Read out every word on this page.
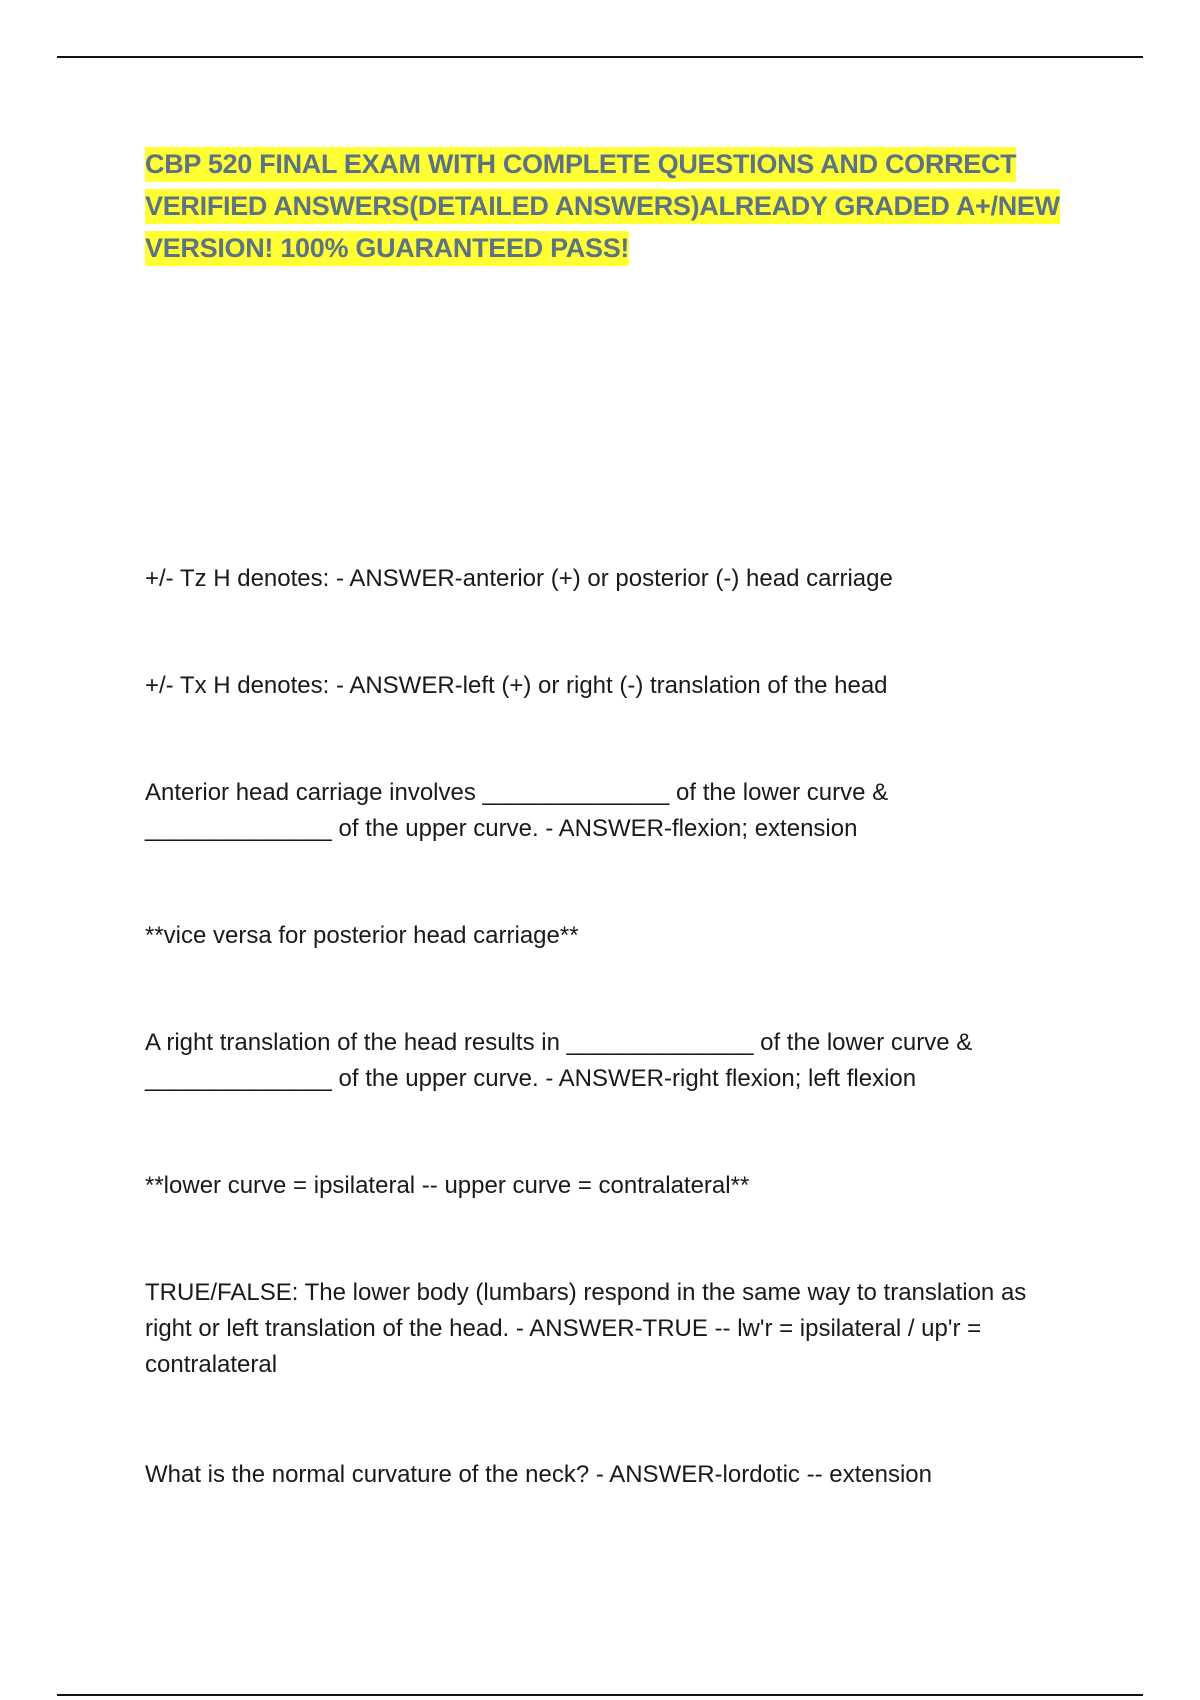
CBP 520 FINAL EXAM WITH COMPLETE QUESTIONS AND CORRECT VERIFIED ANSWERS(DETAILED ANSWERS)ALREADY GRADED A+/NEW VERSION! 100% GUARANTEED PASS!

+/- Tz H denotes: - ANSWER-anterior (+) or posterior (-) head carriage

+/- Tx H denotes: - ANSWER-left (+) or right (-) translation of the head

Anterior head carriage involves ______________ of the lower curve & ______________ of the upper curve. - ANSWER-flexion; extension

**vice versa for posterior head carriage**

A right translation of the head results in ______________ of the lower curve & ______________ of the upper curve. - ANSWER-right flexion; left flexion

**lower curve = ipsilateral -- upper curve = contralateral**

TRUE/FALSE: The lower body (lumbars) respond in the same way to translation as right or left translation of the head. - ANSWER-TRUE -- lw'r = ipsilateral / up'r = contralateral

What is the normal curvature of the neck? - ANSWER-lordotic -- extension
